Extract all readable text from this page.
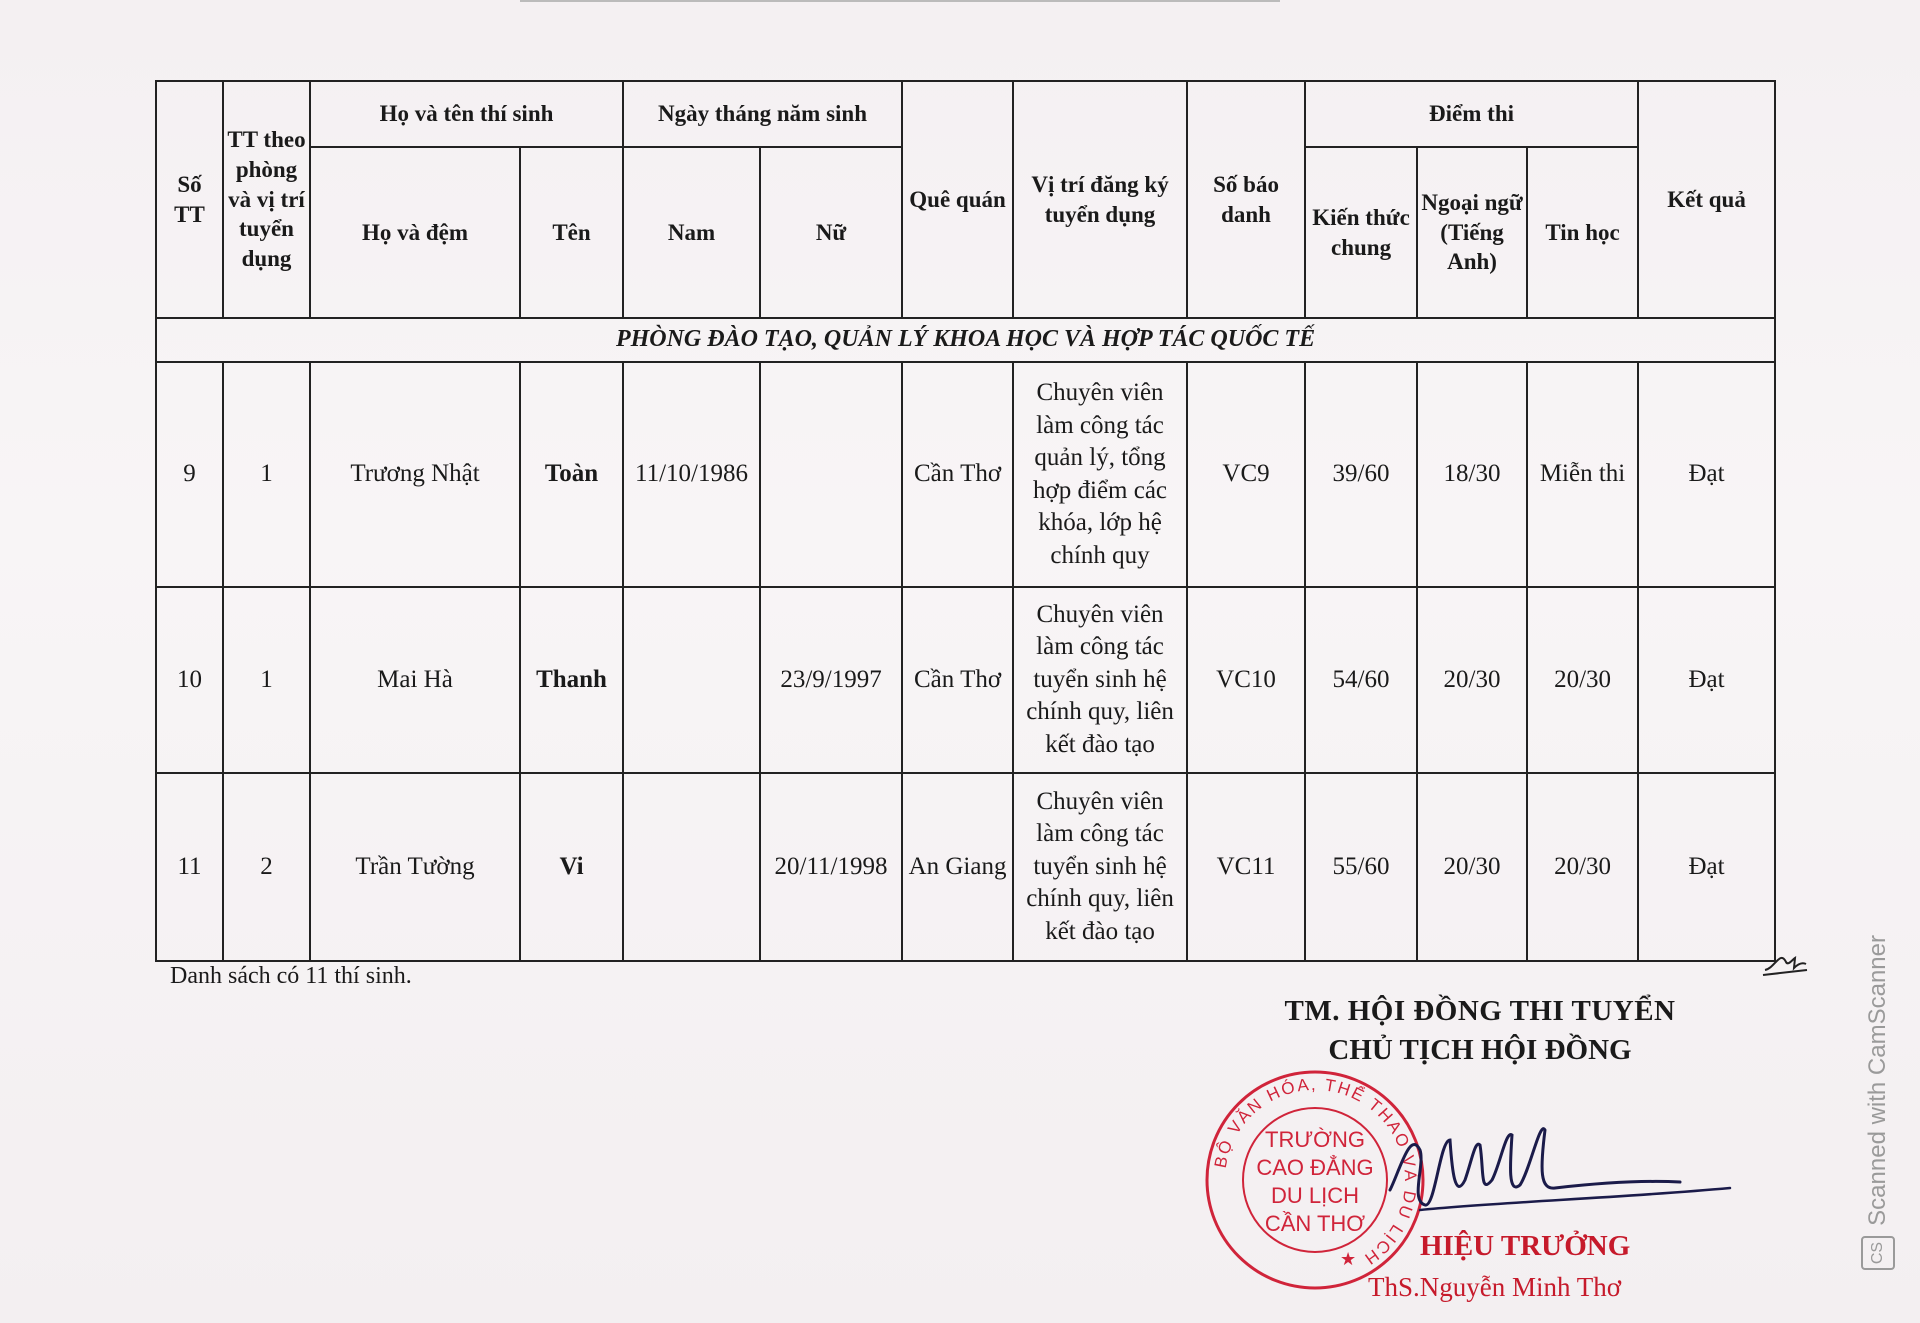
Số TT	TT theo phòng và vị trí tuyển dụng	Họ và tên thí sinh		Ngày tháng năm sinh		Quê quán	Vị trí đăng ký tuyển dụng	Số báo danh	Điểm thi			Kết quả
		Họ và đệm	Tên	Nam	Nữ				Kiến thức chung	Ngoại ngữ (Tiếng Anh)	Tin học	
PHÒNG ĐÀO TẠO, QUẢN LÝ KHOA HỌC VÀ HỢP TÁC QUỐC TẾ												
9	1	Trương Nhật	Toàn	11/10/1986		Cần Thơ	Chuyên viên làm công tác quản lý, tổng hợp điểm các khóa, lớp hệ chính quy	VC9	39/60	18/30	Miễn thi	Đạt
10	1	Mai Hà	Thanh		23/9/1997	Cần Thơ	Chuyên viên làm công tác tuyển sinh hệ chính quy, liên kết đào tạo	VC10	54/60	20/30	20/30	Đạt
11	2	Trần Tường	Vi		20/11/1998	An Giang	Chuyên viên làm công tác tuyển sinh hệ chính quy, liên kết đào tạo	VC11	55/60	20/30	20/30	Đạt
Danh sách có 11 thí sinh.
TM. HỘI ĐỒNG THI TUYỂN
CHỦ TỊCH HỘI ĐỒNG
BỘ VĂN HÓA, THỂ THAO VÀ DU LỊCH
TRƯỜNG
CAO ĐẲNG
DU LỊCH
CẦN THƠ
★ HIỆU TRƯỞNG
ThS.Nguyễn Minh Thơ
Scanned with CamScanner
CS
